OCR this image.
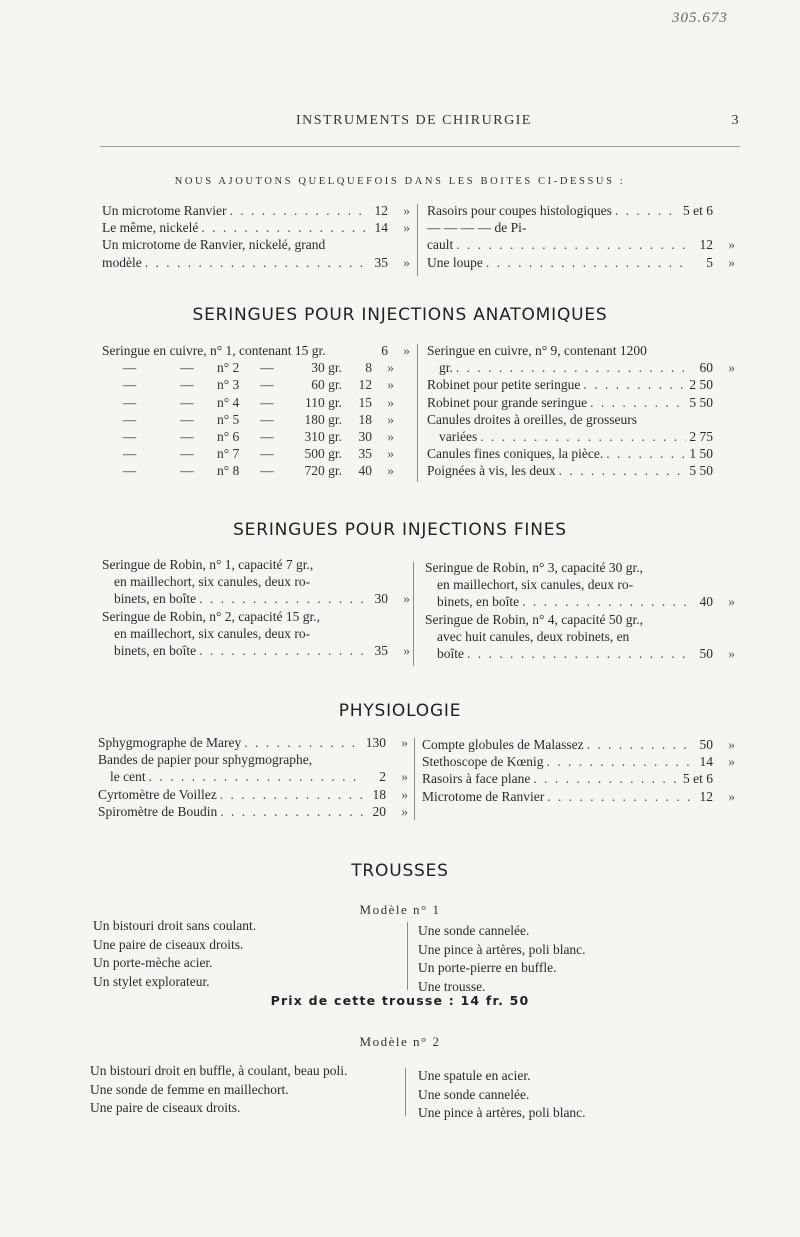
305.673
INSTRUMENTS DE CHIRURGIE	3
NOUS AJOUTONS QUELQUEFOIS DANS LES BOITES CI-DESSUS :
Un microtome Ranvier . . .	12	»
Le même, nickelé . . .	14	»
Un microtome de Ranvier, nickelé, grand
modèle . . .	35	»
Rasoirs pour coupes histologiques . . .	5 et 6
— — — — de Pi-
cault . . .	12	»
Une loupe . . .	5	»
SERINGUES POUR INJECTIONS ANATOMIQUES
Seringue en cuivre, n° 1, contenant 15 gr.	6	»
—	—	n° 2	—	30 gr.	8	»
—	—	n° 3	—	60 gr.	12	»
—	—	n° 4	—	110 gr.	15	»
—	—	n° 5	—	180 gr.	18	»
—	—	n° 6	—	310 gr.	30	»
—	—	n° 7	—	500 gr.	35	»
—	—	n° 8	—	720 gr.	40	»
Seringue en cuivre, n° 9, contenant 1200
gr. . . .	60	»
Robinet pour petite seringue . . .	2 50
Robinet pour grande seringue . . .	5 50
Canules droites à oreilles, de grosseurs
variées . . .	2 75
Canules fines coniques, la pièce. . . .	1 50
Poignées à vis, les deux . . .	5 50
SERINGUES POUR INJECTIONS FINES
Seringue de Robin, n° 1, capacité 7 gr.,
en maillechort, six canules, deux ro-
binets, en boîte . . .	30	»
Seringue de Robin, n° 2, capacité 15 gr.,
en maillechort, six canules, deux ro-
binets, en boîte . . .	35	»
Seringue de Robin, n° 3, capacité 30 gr.,
en maillechort, six canules, deux ro-
binets, en boîte . . .	40	»
Seringue de Robin, n° 4, capacité 50 gr.,
avec huit canules, deux robinets, en
boîte . . .	50	»
PHYSIOLOGIE
Sphygmographe de Marey . . .	130	»
Bandes de papier pour sphygmographe,
le cent . . .	2	»
Cyrtomètre de Voillez . . .	18	»
Spiromètre de Boudin . . .	20	»
Compte globules de Malassez . . .	50	»
Stethoscope de Kœnig . . .	14	»
Rasoirs à face plane . . .	5 et 6
Microtome de Ranvier . . .	12	»
TROUSSES
Modèle n° 1
Un bistouri droit sans coulant.
Une paire de ciseaux droits.
Un porte-mèche acier.
Un stylet explorateur.
Une sonde cannelée.
Une pince à artères, poli blanc.
Un porte-pierre en buffle.
Une trousse.
Prix de cette trousse : 14 fr. 50
Modèle n° 2
Un bistouri droit en buffle, à coulant, beau poli.
Une sonde de femme en maillechort.
Une paire de ciseaux droits.
Une spatule en acier.
Une sonde cannelée.
Une pince à artères, poli blanc.
